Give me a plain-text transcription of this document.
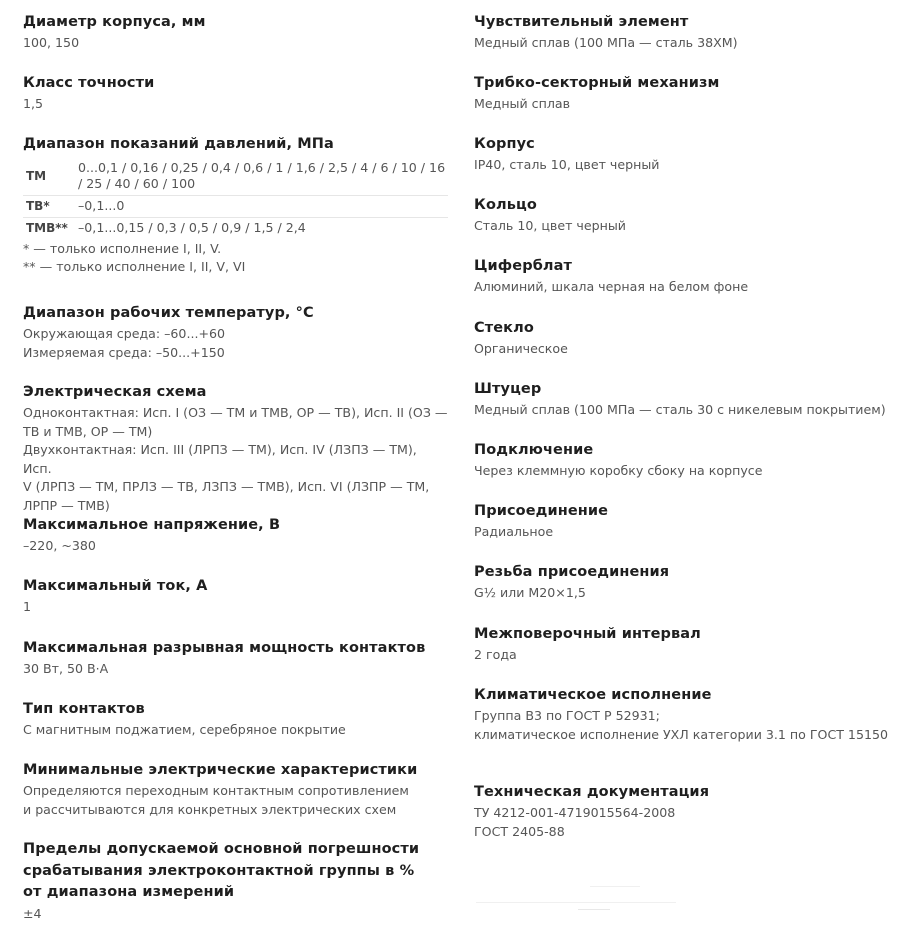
Диаметр корпуса, мм
100, 150
Класс точности
1,5
Диапазон показаний давлений, МПа
ТМ	0...0,1 / 0,16 / 0,25 / 0,4 / 0,6 / 1 / 1,6 / 2,5 / 4 / 6 / 10 / 16 / 25 / 40 / 60 / 100
ТВ*	–0,1...0
ТМВ**	–0,1...0,15 / 0,3 / 0,5 / 0,9 / 1,5 / 2,4
* — только исполнение I, II, V.
** — только исполнение I, II, V, VI
Диапазон рабочих температур, °С
Окружающая среда: –60...+60
Измеряемая среда: –50...+150
Электрическая схема
Одноконтактная: Исп. I (ОЗ — ТМ и ТМВ, ОР — ТВ), Исп. II (ОЗ —
ТВ и ТМВ, ОР — ТМ)
Двухконтактная: Исп. III (ЛРПЗ — ТМ), Исп. IV (ЛЗПЗ — ТМ), Исп.
V (ЛРПЗ — ТМ, ПРЛЗ — ТВ, ЛЗПЗ — ТМВ), Исп. VI (ЛЗПР — ТМ,
ЛРПР — ТМВ)
Максимальное напряжение, В
–220, ~380
Максимальный ток, А
1
Максимальная разрывная мощность контактов
30 Вт, 50 В·А
Тип контактов
С магнитным поджатием, серебряное покрытие
Минимальные электрические характеристики
Определяются переходным контактным сопротивлением
и рассчитываются для конкретных электрических схем
Пределы допускаемой основной погрешности
срабатывания электроконтактной группы в %
от диапазона измерений
±4
Чувствительный элемент
Медный сплав (100 МПа — сталь 38ХМ)
Трибко-секторный механизм
Медный сплав
Корпус
IP40, сталь 10, цвет черный
Кольцо
Сталь 10, цвет черный
Циферблат
Алюминий, шкала черная на белом фоне
Стекло
Органическое
Штуцер
Медный сплав (100 МПа — сталь 30 с никелевым покрытием)
Подключение
Через клеммную коробку сбоку на корпусе
Присоединение
Радиальное
Резьба присоединения
G½ или М20×1,5
Межповерочный интервал
2 года
Климатическое исполнение
Группа В3 по ГОСТ Р 52931;
климатическое исполнение УХЛ категории 3.1 по ГОСТ 15150
Техническая документация
ТУ 4212-001-4719015564-2008
ГОСТ 2405-88
